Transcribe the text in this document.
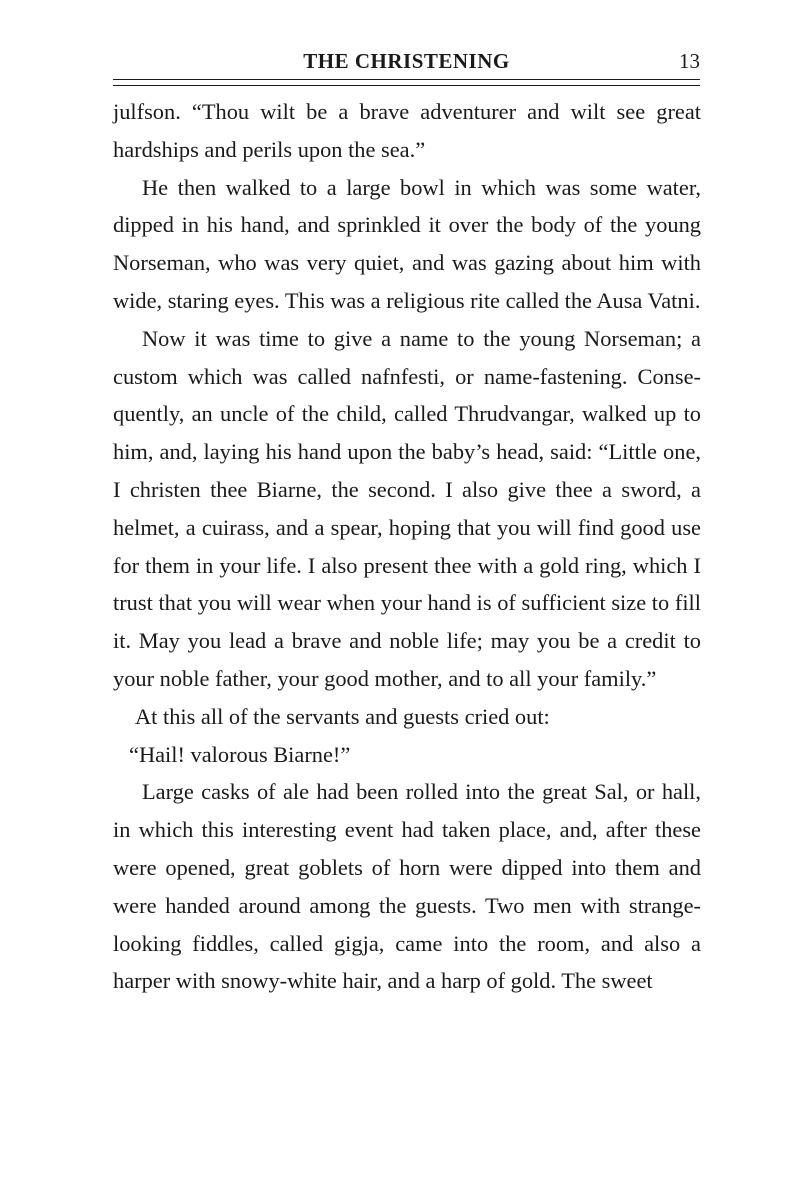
THE CHRISTENING	13

julfson. “Thou wilt be a brave adventurer and wilt see great hardships and perils upon the sea.”

He then walked to a large bowl in which was some water, dipped in his hand, and sprinkled it over the body of the young Norseman, who was very quiet, and was gazing about him with wide, staring eyes. This was a religious rite called the Ausa Vatni.

Now it was time to give a name to the young Norseman; a custom which was called nafnfesti, or name-fastening. Consequently, an uncle of the child, called Thrudvangar, walked up to him, and, laying his hand upon the baby’s head, said: “Little one, I christen thee Biarne, the second. I also give thee a sword, a helmet, a cuirass, and a spear, hoping that you will find good use for them in your life. I also present thee with a gold ring, which I trust that you will wear when your hand is of sufficient size to fill it. May you lead a brave and noble life; may you be a credit to your noble father, your good mother, and to all your family.”

At this all of the servants and guests cried out:

“Hail! valorous Biarne!”

Large casks of ale had been rolled into the great Sal, or hall, in which this interesting event had taken place, and, after these were opened, great goblets of horn were dipped into them and were handed around among the guests. Two men with strange-looking fiddles, called gigja, came into the room, and also a harper with snowy-white hair, and a harp of gold. The sweet
